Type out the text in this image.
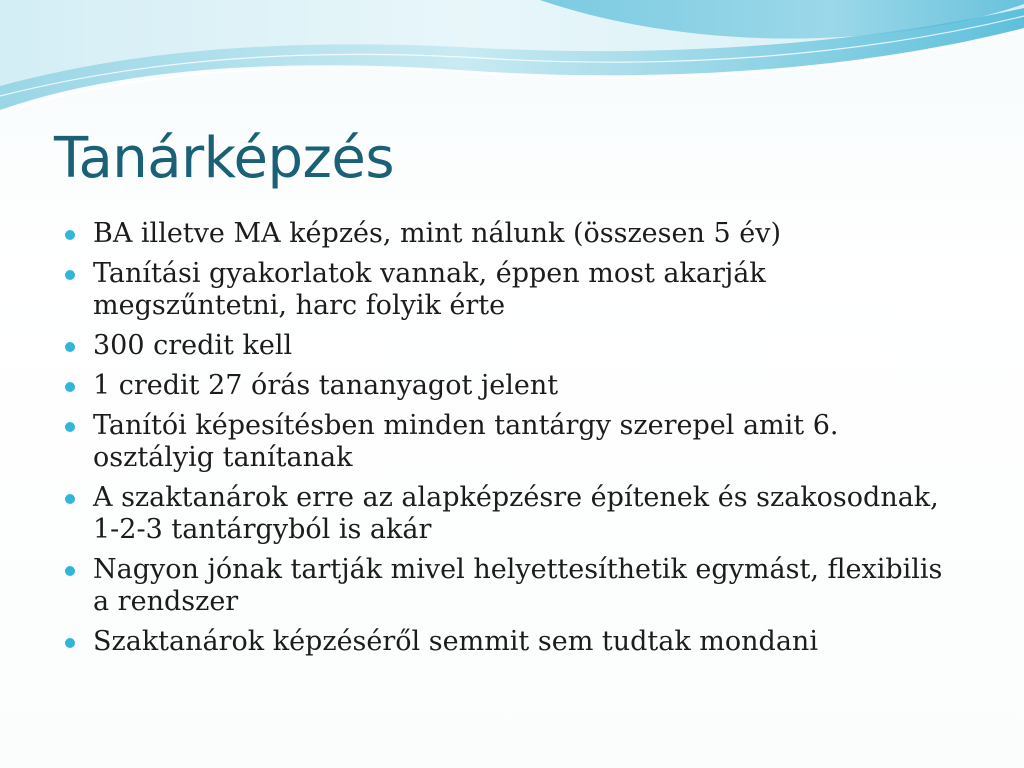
Tanárképzés
BA illetve MA képzés, mint nálunk (összesen 5 év)
Tanítási gyakorlatok vannak, éppen most akarják megszűntetni, harc folyik érte
300 credit kell
1 credit 27 órás tananyagot jelent
Tanítói képesítésben minden tantárgy szerepel amit 6. osztályig tanítanak
A szaktanárok erre az alapképzésre építenek és szakosodnak, 1-2-3 tantárgyból is akár
Nagyon jónak tartják mivel helyettesíthetik egymást, flexibilis a rendszer
Szaktanárok képzéséről semmit sem tudtak mondani
